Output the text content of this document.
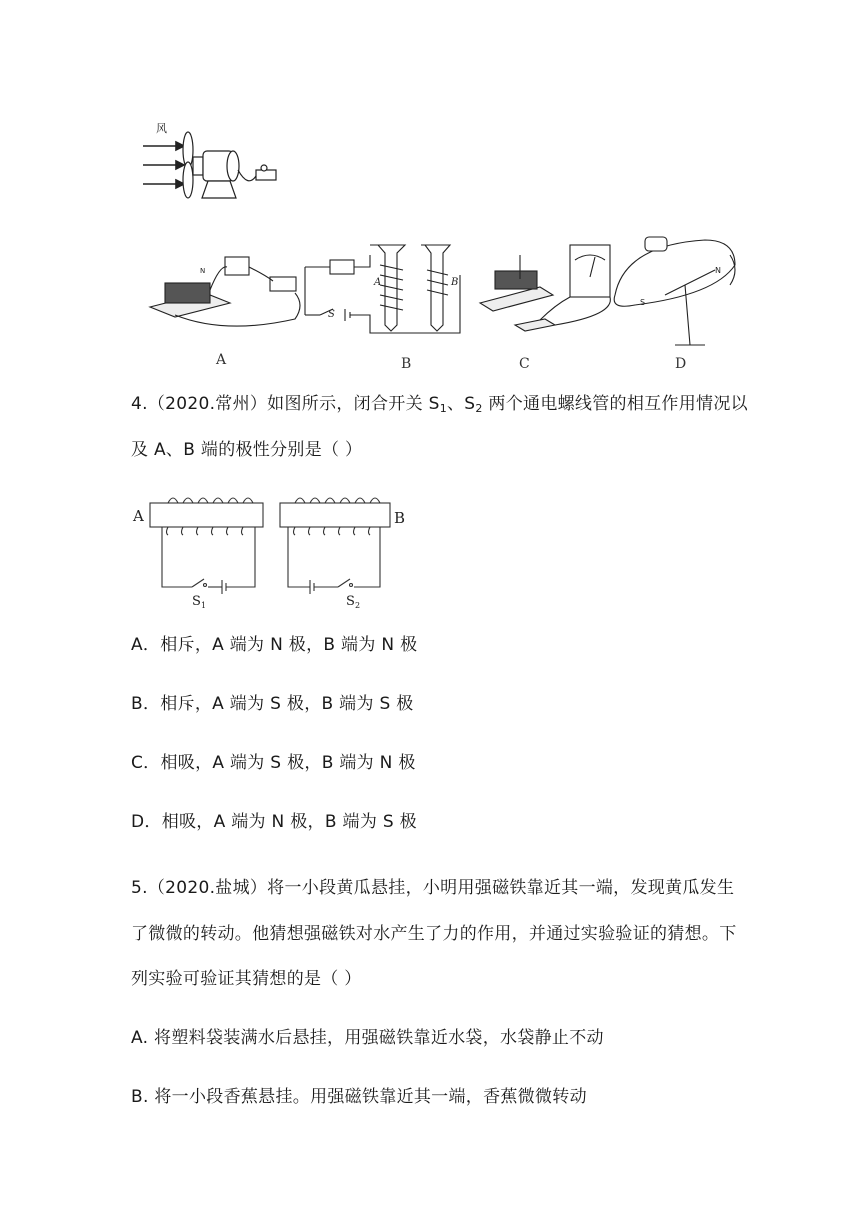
风
N	N
S
A	B
S
A	B	C	D
4.（2020.常州）如图所示，闭合开关 $S_1$、$S_2$ 两个通电螺线管的相互作用情况以
及 A、B 端的极性分别是（ ）
A	B
S 1	S 2
A．相斥，A 端为 N 极，B 端为 N 极
B．相斥，A 端为 S 极，B 端为 S 极
C．相吸，A 端为 S 极，B 端为 N 极
D．相吸，A 端为 N 极，B 端为 S 极
5.（2020.盐城）将一小段黄瓜悬挂，小明用强磁铁靠近其一端，发现黄瓜发生
了微微的转动。他猜想强磁铁对水产生了力的作用，并通过实验验证的猜想。下
列实验可验证其猜想的是（ ）
A. 将塑料袋装满水后悬挂，用强磁铁靠近水袋，水袋静止不动
B. 将一小段香蕉悬挂。用强磁铁靠近其一端，香蕉微微转动
